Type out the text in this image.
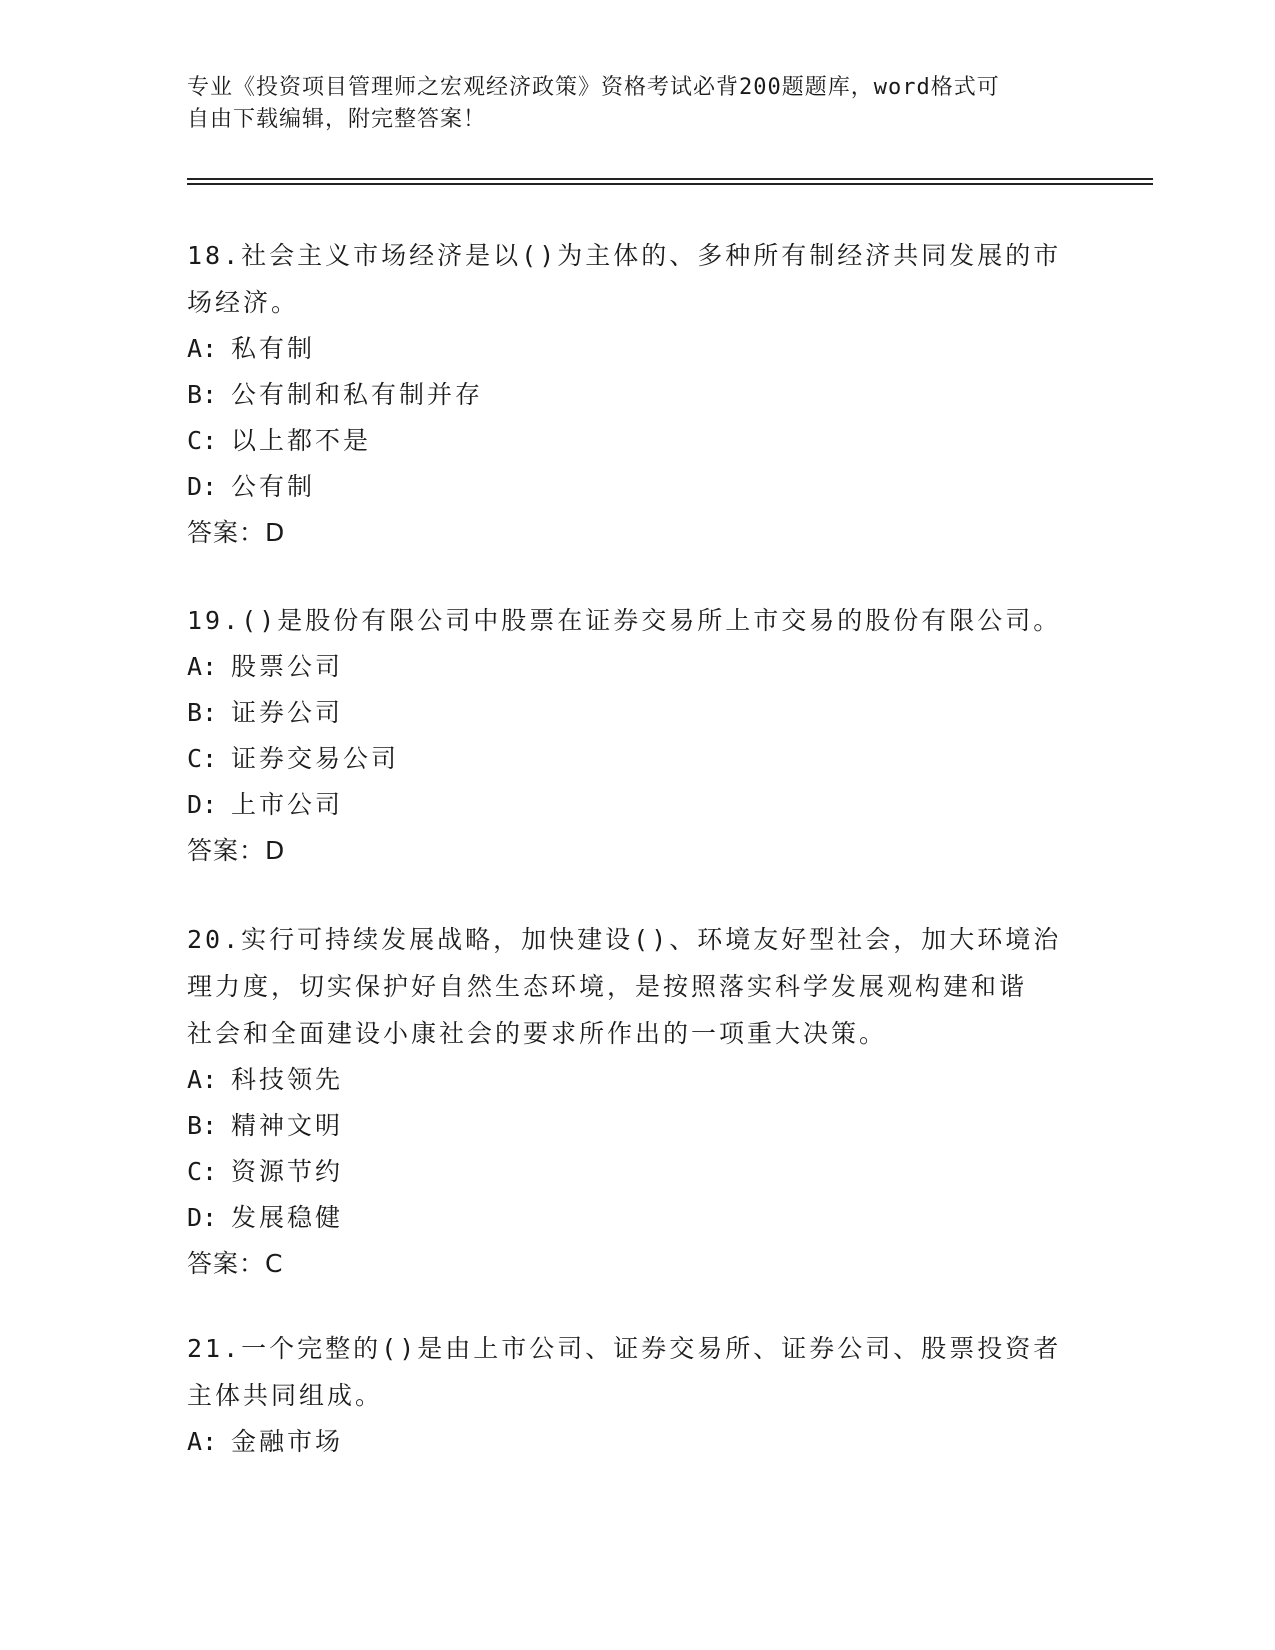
专业《投资项目管理师之宏观经济政策》资格考试必背200题题库，word格式可
自由下载编辑，附完整答案！

18.社会主义市场经济是以()为主体的、多种所有制经济共同发展的市
场经济。

A: 私有制

B: 公有制和私有制并存

C: 以上都不是

D: 公有制

答案：D

19.()是股份有限公司中股票在证券交易所上市交易的股份有限公司。

A: 股票公司

B: 证券公司

C: 证券交易公司

D: 上市公司

答案：D

20.实行可持续发展战略，加快建设()、环境友好型社会，加大环境治
理力度，切实保护好自然生态环境，是按照落实科学发展观构建和谐
社会和全面建设小康社会的要求所作出的一项重大决策。

A: 科技领先

B: 精神文明

C: 资源节约

D: 发展稳健

答案：C

21.一个完整的()是由上市公司、证券交易所、证券公司、股票投资者
主体共同组成。

A: 金融市场
